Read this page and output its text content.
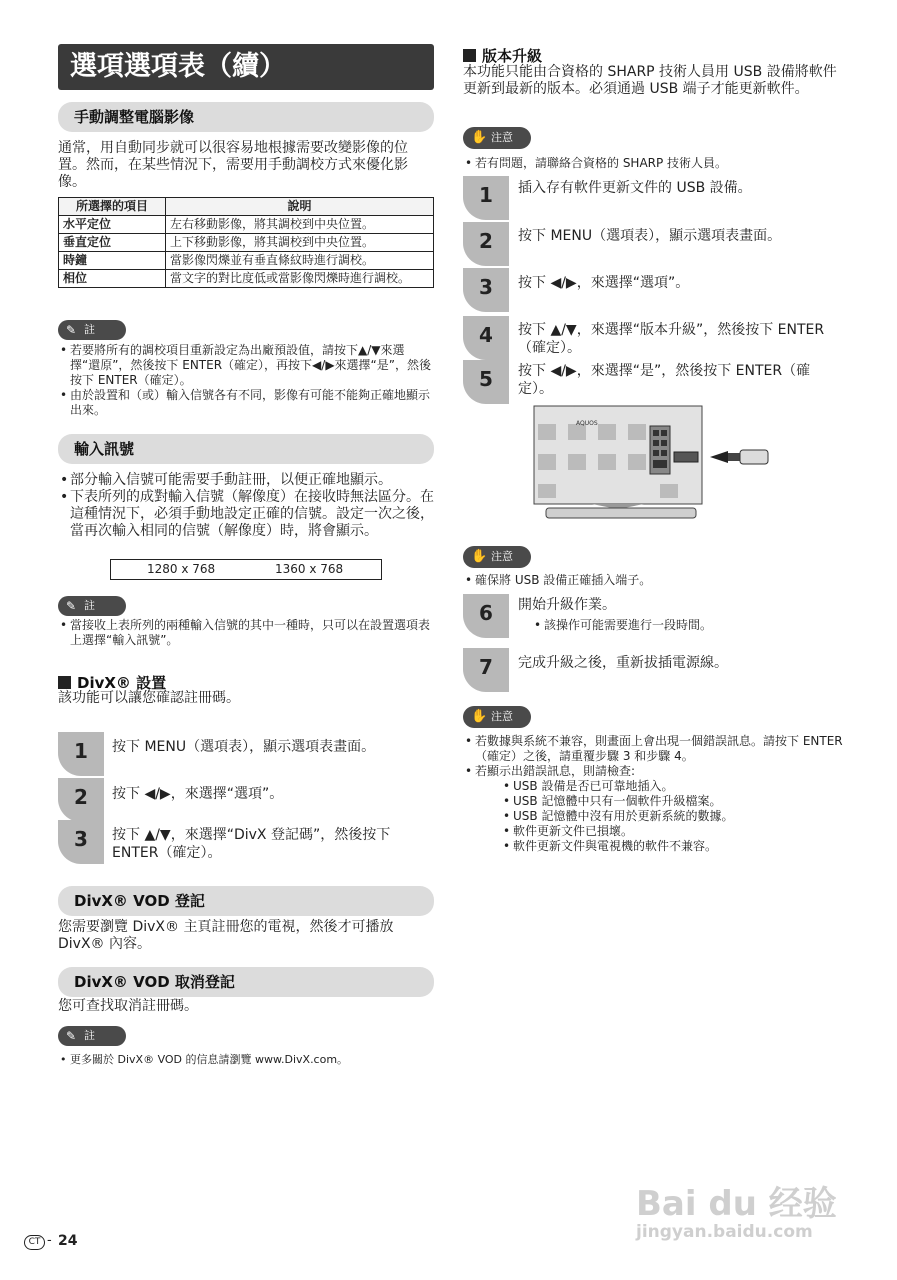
選項選項表（續）
手動調整電腦影像
通常，用自動同步就可以很容易地根據需要改變影像的位置。然而，在某些情況下，需要用手動調校方式來優化影像。
所選擇的項目	說明
水平定位	左右移動影像，將其調校到中央位置。
垂直定位	上下移動影像，將其調校到中央位置。
時鐘	當影像閃爍並有垂直條紋時進行調校。
相位	當文字的對比度低或當影像閃爍時進行調校。
✎ 註
• 若要將所有的調校項目重新設定為出廠預設值，請按下▲/▼來選擇“還原”，然後按下 ENTER（確定），再按下◀/▶來選擇“是”，然後按下 ENTER（確定）。
• 由於設置和（或）輸入信號各有不同，影像有可能不能夠正確地顯示出來。
輸入訊號
• 部分輸入信號可能需要手動註冊，以便正確地顯示。
• 下表所列的成對輸入信號（解像度）在接收時無法區分。在這種情況下，必須手動地設定正確的信號。設定一次之後，當再次輸入相同的信號（解像度）時，將會顯示。
1280 x 768	1360 x 768
✎ 註
• 當接收上表所列的兩種輸入信號的其中一種時，只可以在設置選項表上選擇“輸入訊號”。
DivX® 設置
該功能可以讓您確認註冊碼。
1	按下 MENU（選項表），顯示選項表畫面。
2	按下 ◀/▶，來選擇“選項”。
3	按下 ▲/▼，來選擇“DivX 登記碼”，然後按下 ENTER（確定）。
DivX® VOD 登記
您需要瀏覽 DivX® 主頁註冊您的電視，然後才可播放 DivX® 內容。
DivX® VOD 取消登記
您可查找取消註冊碼。
✎ 註
• 更多關於 DivX® VOD 的信息請瀏覽 www.DivX.com。
CT - 24
版本升級
本功能只能由合資格的 SHARP 技術人員用 USB 設備將軟件更新到最新的版本。必須通過 USB 端子才能更新軟件。
✋ 注意
• 若有問題，請聯絡合資格的 SHARP 技術人員。
1	插入存有軟件更新文件的 USB 設備。
2	按下 MENU（選項表），顯示選項表畫面。
3	按下 ◀/▶，來選擇“選項”。
4	按下 ▲/▼，來選擇“版本升級”，然後按下 ENTER（確定）。
5	按下 ◀/▶，來選擇“是”，然後按下 ENTER（確定）。
AQUOS
✋ 注意
• 確保將 USB 設備正確插入端子。
6	開始升級作業。
• 該操作可能需要進行一段時間。
7	完成升級之後，重新拔插電源線。
✋ 注意
• 若數據與系統不兼容，則畫面上會出現一個錯誤訊息。請按下 ENTER（確定）之後，請重覆步驟 3 和步驟 4。
• 若顯示出錯誤訊息，則請檢查:
• USB 設備是否已可靠地插入。
• USB 記憶體中只有一個軟件升級檔案。
• USB 記憶體中沒有用於更新系統的數據。
• 軟件更新文件已損壞。
• 軟件更新文件與電視機的軟件不兼容。
Bai du 经验
jingyan.baidu.com
